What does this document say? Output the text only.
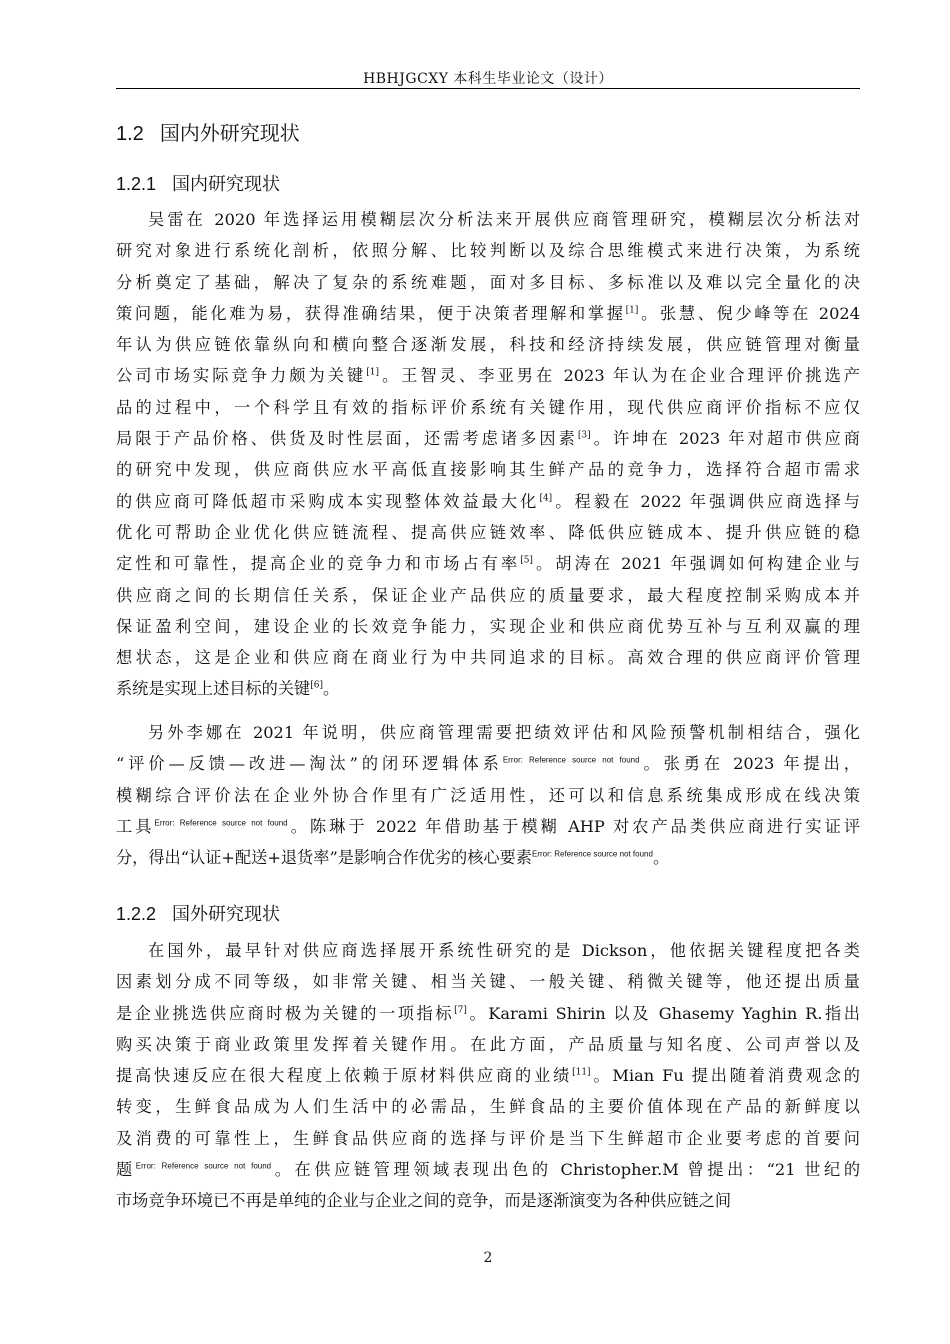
HBHJGCXY 本科生毕业论文（设计）
1.2 国内外研究现状
1.2.1 国内研究现状
吴雷在 2020 年选择运用模糊层次分析法来开展供应商管理研究，模糊层次分析法对
研究对象进行系统化剖析，依照分解、比较判断以及综合思维模式来进行决策，为系统
分析奠定了基础，解决了复杂的系统难题，面对多目标、多标准以及难以完全量化的决
策问题，能化难为易，获得准确结果，便于决策者理解和掌握[1]。张慧、倪少峰等在 2024
年认为供应链依靠纵向和横向整合逐渐发展，科技和经济持续发展，供应链管理对衡量
公司市场实际竞争力颇为关键[1]。王智灵、李亚男在 2023 年认为在企业合理评价挑选产
品的过程中，一个科学且有效的指标评价系统有关键作用，现代供应商评价指标不应仅
局限于产品价格、供货及时性层面，还需考虑诸多因素[3]。许坤在 2023 年对超市供应商
的研究中发现，供应商供应水平高低直接影响其生鲜产品的竞争力，选择符合超市需求
的供应商可降低超市采购成本实现整体效益最大化[4]。程毅在 2022 年强调供应商选择与
优化可帮助企业优化供应链流程、提高供应链效率、降低供应链成本、提升供应链的稳
定性和可靠性，提高企业的竞争力和市场占有率[5]。胡涛在 2021 年强调如何构建企业与
供应商之间的长期信任关系，保证企业产品供应的质量要求，最大程度控制采购成本并
保证盈利空间，建设企业的长效竞争能力，实现企业和供应商优势互补与互利双赢的理
想状态，这是企业和供应商在商业行为中共同追求的目标。高效合理的供应商评价管理
系统是实现上述目标的关键[6]。
另外李娜在 2021 年说明，供应商管理需要把绩效评估和风险预警机制相结合，强化
“评价—反馈—改进—淘汰”的闭环逻辑体系$^{Error: Reference source not found}$。张勇在 2023 年提出，
模糊综合评价法在企业外协合作里有广泛适用性，还可以和信息系统集成形成在线决策
工具$^{Error: Reference source not found}$。陈琳于 2022 年借助基于模糊 AHP 对农产品类供应商进行实证评
分，得出“认证+配送+退货率”是影响合作优劣的核心要素$^{Error: Reference source not found}$。
1.2.2 国外研究现状
在国外，最早针对供应商选择展开系统性研究的是 Dickson，他依据关键程度把各类
因素划分成不同等级，如非常关键、相当关键、一般关键、稍微关键等，他还提出质量
是企业挑选供应商时极为关键的一项指标[7]。Karami Shirin 以及 Ghasemy Yaghin R.指出
购买决策于商业政策里发挥着关键作用。在此方面，产品质量与知名度、公司声誉以及
提高快速反应在很大程度上依赖于原材料供应商的业绩[11]。Mian Fu 提出随着消费观念的
转变，生鲜食品成为人们生活中的必需品，生鲜食品的主要价值体现在产品的新鲜度以
及消费的可靠性上，生鲜食品供应商的选择与评价是当下生鲜超市企业要考虑的首要问
题$^{Error: Reference source not found}$。在供应链管理领域表现出色的 Christopher.M 曾提出：“21 世纪的
市场竞争环境已不再是单纯的企业与企业之间的竞争，而是逐渐演变为各种供应链之间
2
